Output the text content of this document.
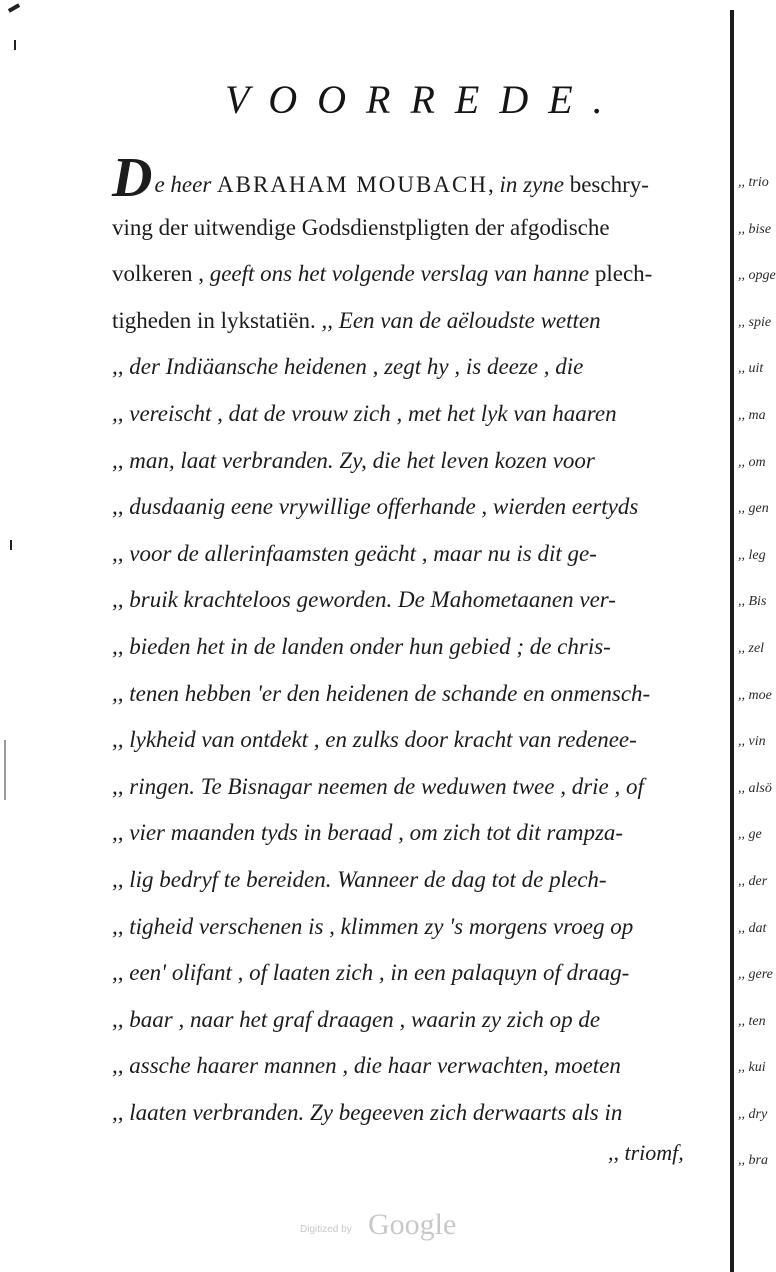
VOORREDE.
De heer ABRAHAM MOUBACH, in zyne beschry-
ving der uitwendige Godsdienstpligten der afgodische
volkeren , geeft ons het volgende verslag van hanne plech-
tigheden in lykstatiën. ,, Een van de aëloudste wetten
,, der Indiäansche heidenen , zegt hy , is deeze , die
,, vereischt , dat de vrouw zich , met het lyk van haaren
,, man, laat verbranden. Zy, die het leven kozen voor
,, dusdaanig eene vrywillige offerhande , wierden eertyds
,, voor de allerinfaamsten geächt , maar nu is dit ge-
,, bruik krachteloos geworden. De Mahometaanen ver-
,, bieden het in de landen onder hun gebied ; de chris-
,, tenen hebben 'er den heidenen de schande en onmensch-
,, lykheid van ontdekt , en zulks door kracht van redenee-
,, ringen. Te Bisnagar neemen de weduwen twee , drie , of
,, vier maanden tyds in beraad , om zich tot dit rampza-
,, lig bedryf te bereiden. Wanneer de dag tot de plech-
,, tigheid verschenen is , klimmen zy 's morgens vroeg op
,, een' olifant , of laaten zich , in een palaquyn of draag-
,, baar , naar het graf draagen , waarin zy zich op de
,, assche haarer mannen , die haar verwachten, moeten
,, laaten verbranden. Zy begeeven zich derwaarts als in
,, triomf,
Digitized by Google
,, trio
,, bise
,, opge
,, spie
,, uit
,, ma
,, om
,, gen
,, leg
,, Bis
,, zel
,, moe
,, vin
,, alsö
,, ge
,, der
,, dat
,, gere
,, ten
,, kui
,, dry
,, bra
